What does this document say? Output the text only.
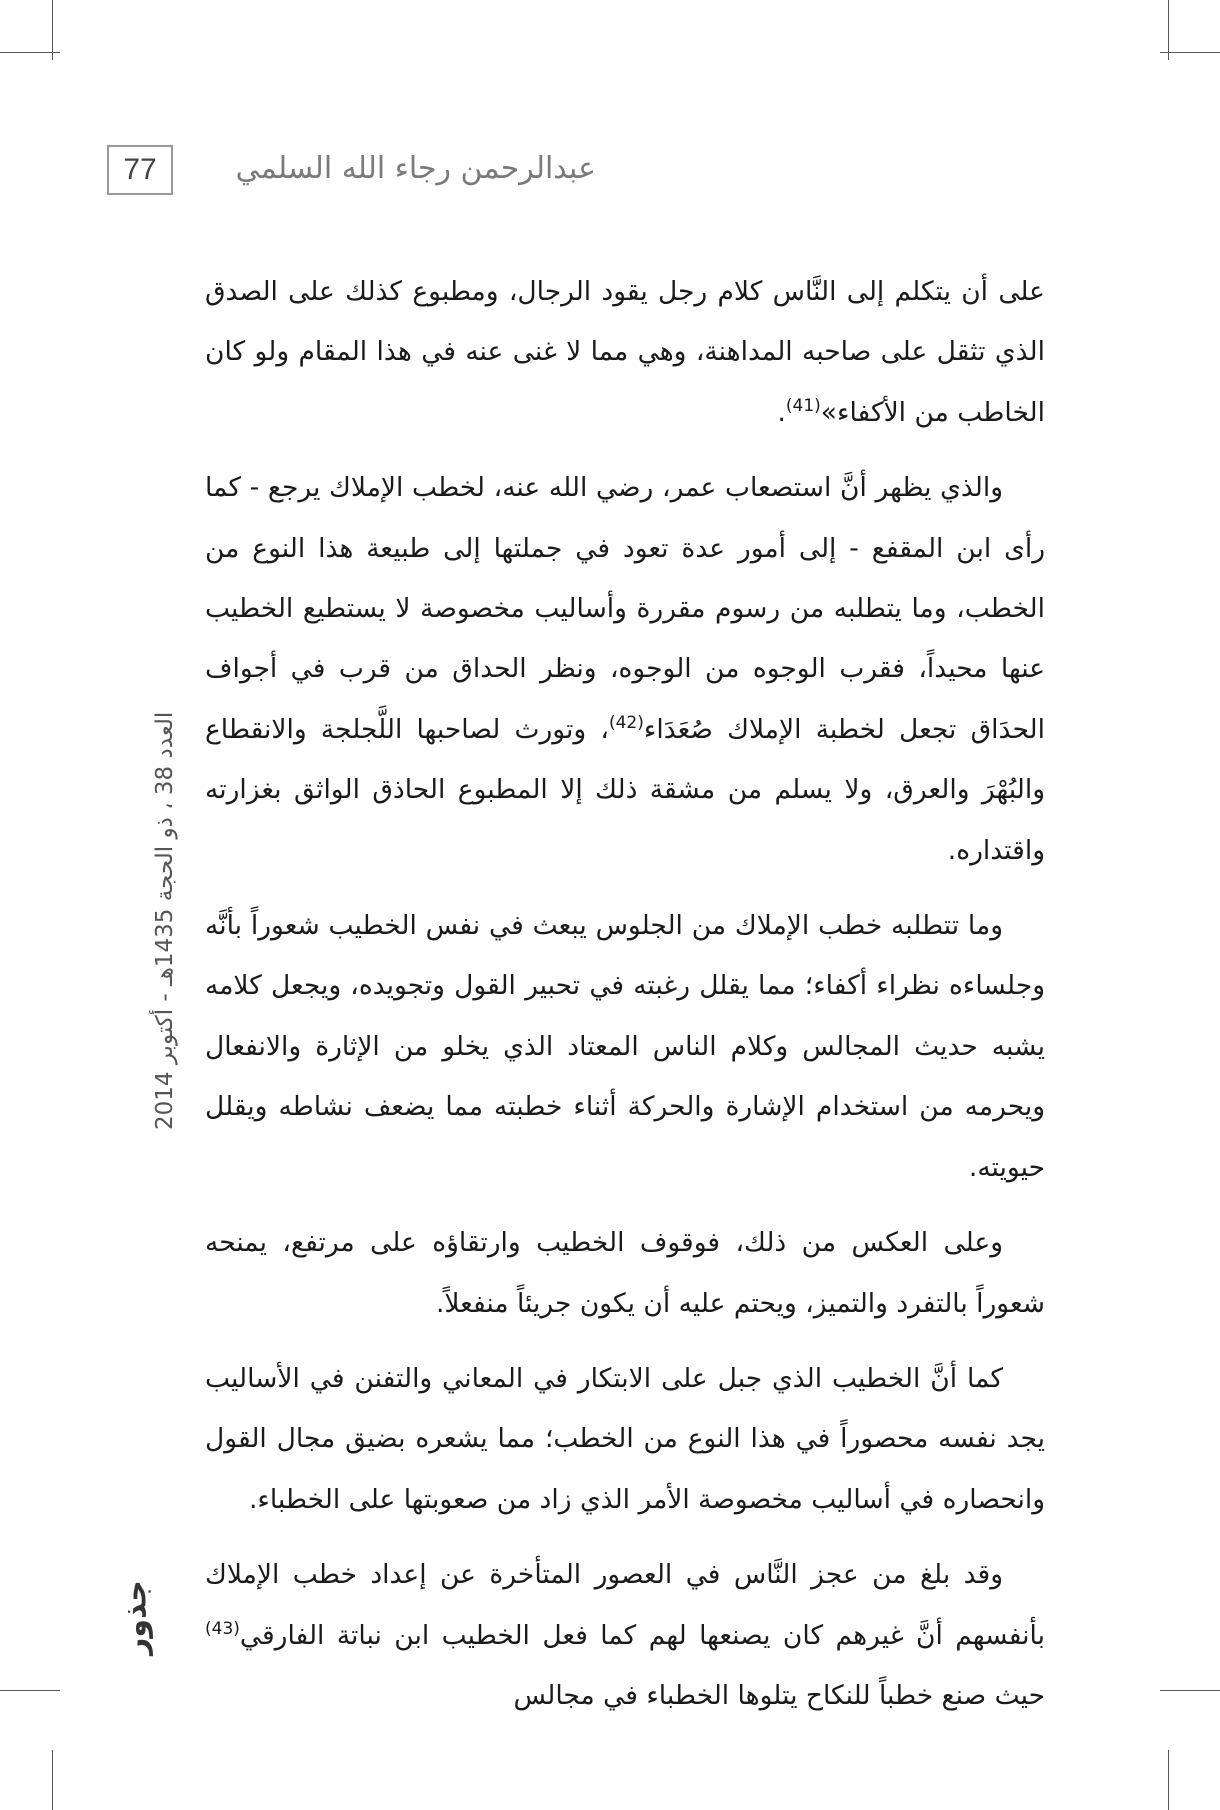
77	عبدالرحمن رجاء الله السلمي

على أن يتكلم إلى النَّاس كلام رجل يقود الرجال، ومطبوع كذلك على الصدق الذي تثقل على صاحبه المداهنة، وهي مما لا غنى عنه في هذا المقام ولو كان الخاطب من الأكفاء»$^{(41)}$.

والذي يظهر أنَّ استصعاب عمر، رضي الله عنه، لخطب الإملاك يرجع - كما رأى ابن المقفع - إلى أمور عدة تعود في جملتها إلى طبيعة هذا النوع من الخطب، وما يتطلبه من رسوم مقررة وأساليب مخصوصة لا يستطيع الخطيب عنها محيداً، فقرب الوجوه من الوجوه، ونظر الحداق من قرب في أجواف الحدَاق تجعل لخطبة الإملاك صُعَدَاء$^{(42)}$، وتورث لصاحبها اللَّجلجة والانقطاع والبُهْرَ والعرق، ولا يسلم من مشقة ذلك إلا المطبوع الحاذق الواثق بغزارته واقتداره.

وما تتطلبه خطب الإملاك من الجلوس يبعث في نفس الخطيب شعوراً بأنَّه وجلساءه نظراء أكفاء؛ مما يقلل رغبته في تحبير القول وتجويده، ويجعل كلامه يشبه حديث المجالس وكلام الناس المعتاد الذي يخلو من الإثارة والانفعال ويحرمه من استخدام الإشارة والحركة أثناء خطبته مما يضعف نشاطه ويقلل حيويته.

وعلى العكس من ذلك، فوقوف الخطيب وارتقاؤه على مرتفع، يمنحه شعوراً بالتفرد والتميز، ويحتم عليه أن يكون جريئاً منفعلاً.

كما أنَّ الخطيب الذي جبل على الابتكار في المعاني والتفنن في الأساليب يجد نفسه محصوراً في هذا النوع من الخطب؛ مما يشعره بضيق مجال القول وانحصاره في أساليب مخصوصة الأمر الذي زاد من صعوبتها على الخطباء.

وقد بلغ من عجز النَّاس في العصور المتأخرة عن إعداد خطب الإملاك بأنفسهم أنَّ غيرهم كان يصنعها لهم كما فعل الخطيب ابن نباتة الفارقي$^{(43)}$ حيث صنع خطباً للنكاح يتلوها الخطباء في مجالس

العدد 38 ، ذو الحجة 1435هـ - أكتوبر 2014
جذور
